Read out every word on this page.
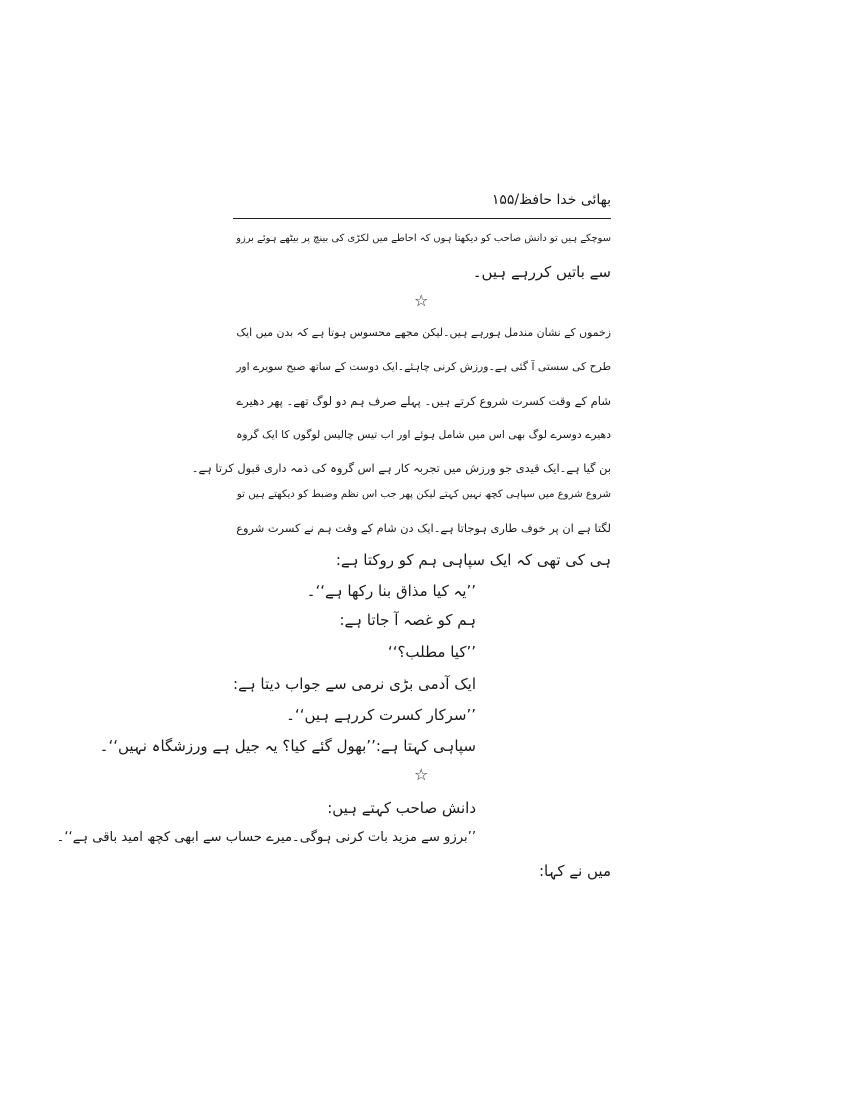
بھائی خدا حافظ/۱۵۵
سوچکے ہیں تو دانش صاحب کو دیکھتا ہوں کہ احاطے میں لکڑی کی بینچ پر بیٹھے ہوئے برزو
سے باتیں کررہے ہیں۔
☆
زخموں کے نشان مندمل ہورہے ہیں۔لیکن مجھے محسوس ہوتا ہے کہ بدن میں ایک
طرح کی سستی آ گئی ہے۔ورزش کرنی چاہئے۔ایک دوست کے ساتھ صبح سویرے اور
شام کے وقت کسرت شروع کرتے ہیں۔ پہلے صرف ہم دو لوگ تھے۔ پھر دھیرے
دھیرے دوسرے لوگ بھی اس میں شامل ہوئے اور اب تیس چالیس لوگوں کا ایک گروہ
بن گیا ہے۔ایک قیدی جو ورزش میں تجربہ کار ہے اس گروہ کی ذمہ داری قبول کرتا ہے۔
شروع شروع میں سپاہی کچھ نہیں کہتے لیکن پھر جب اس نظم وضبط کو دیکھتے ہیں تو
لگتا ہے ان پر خوف طاری ہوجاتا ہے۔ایک دن شام کے وقت ہم نے کسرت شروع
ہی کی تھی کہ ایک سپاہی ہم کو روکتا ہے:
’’یہ کیا مذاق بنا رکھا ہے‘‘۔
ہم کو غصہ آ جاتا ہے:
’’کیا مطلب؟‘‘
ایک آدمی بڑی نرمی سے جواب دیتا ہے:
’’سرکار کسرت کررہے ہیں‘‘۔
سپاہی کہتا ہے:’’بھول گئے کیا؟ یہ جیل ہے ورزشگاہ نہیں‘‘۔
☆
دانش صاحب کہتے ہیں:
’’برزو سے مزید بات کرنی ہوگی۔میرے حساب سے ابھی کچھ امید باقی ہے‘‘۔
میں نے کہا:
